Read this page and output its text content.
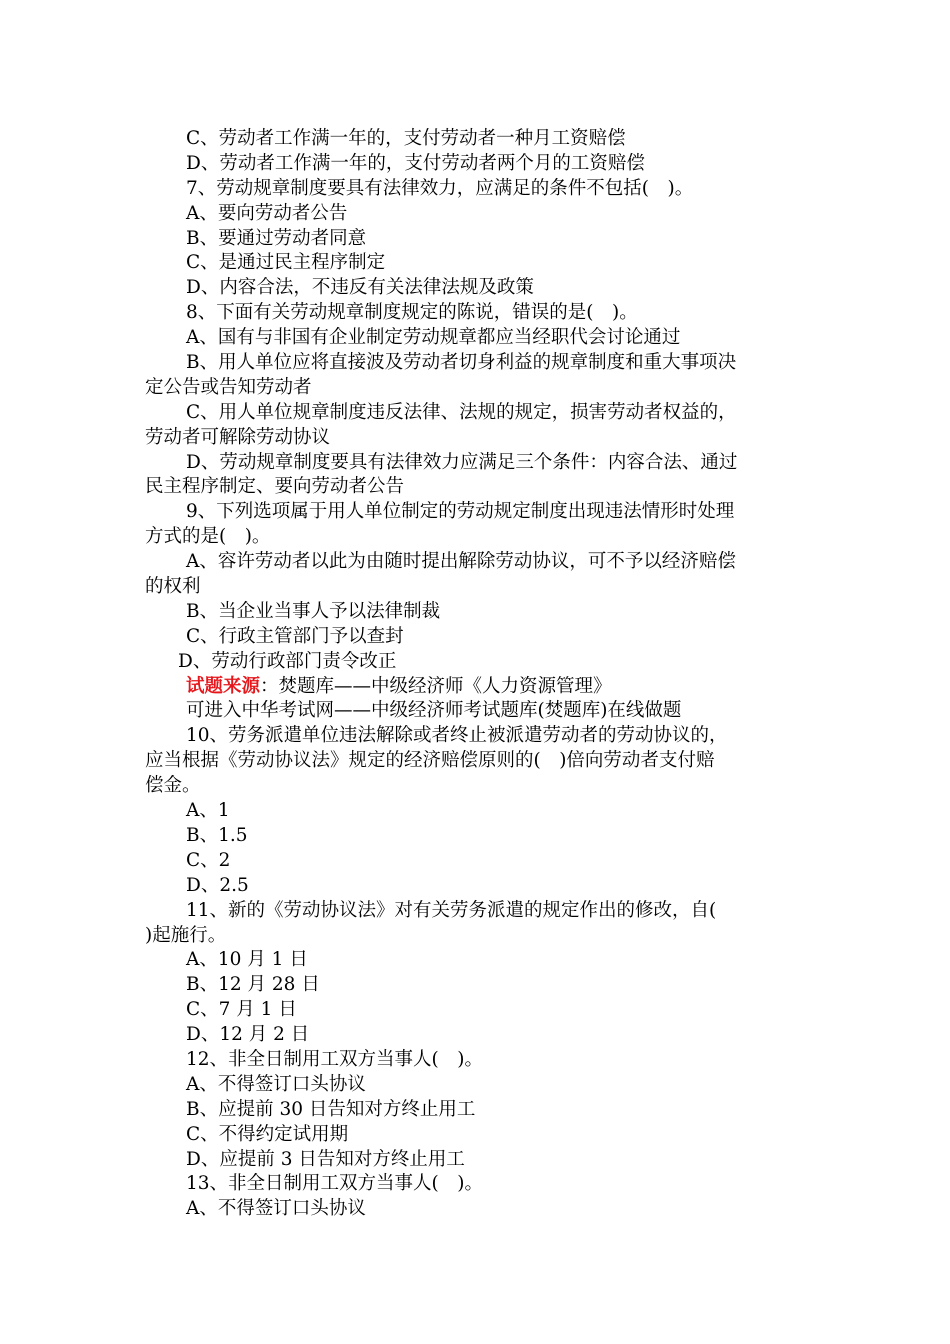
C、劳动者工作满一年的，支付劳动者一种月工资赔偿
D、劳动者工作满一年的，支付劳动者两个月的工资赔偿
7、劳动规章制度要具有法律效力，应满足的条件不包括(　)。
A、要向劳动者公告
B、要通过劳动者同意
C、是通过民主程序制定
D、内容合法，不违反有关法律法规及政策
8、下面有关劳动规章制度规定的陈说，错误的是(　)。
A、国有与非国有企业制定劳动规章都应当经职代会讨论通过
B、用人单位应将直接波及劳动者切身利益的规章制度和重大事项决
定公告或告知劳动者
C、用人单位规章制度违反法律、法规的规定，损害劳动者权益的，
劳动者可解除劳动协议
D、劳动规章制度要具有法律效力应满足三个条件：内容合法、通过
民主程序制定、要向劳动者公告
9、下列选项属于用人单位制定的劳动规定制度出现违法情形时处理
方式的是(　)。
A、容许劳动者以此为由随时提出解除劳动协议，可不予以经济赔偿
的权利
B、当企业当事人予以法律制裁
C、行政主管部门予以查封
D、劳动行政部门责令改正
试题来源：焚题库——中级经济师《人力资源管理》
可进入中华考试网——中级经济师考试题库(焚题库)在线做题
10、劳务派遣单位违法解除或者终止被派遣劳动者的劳动协议的，
应当根据《劳动协议法》规定的经济赔偿原则的(　)倍向劳动者支付赔
偿金。
A、1
B、1.5
C、2
D、2.5
11、新的《劳动协议法》对有关劳务派遣的规定作出的修改，自(
)起施行。
A、10 月 1 日
B、12 月 28 日
C、7 月 1 日
D、12 月 2 日
12、非全日制用工双方当事人(　)。
A、不得签订口头协议
B、应提前 30 日告知对方终止用工
C、不得约定试用期
D、应提前 3 日告知对方终止用工
13、非全日制用工双方当事人(　)。
A、不得签订口头协议
